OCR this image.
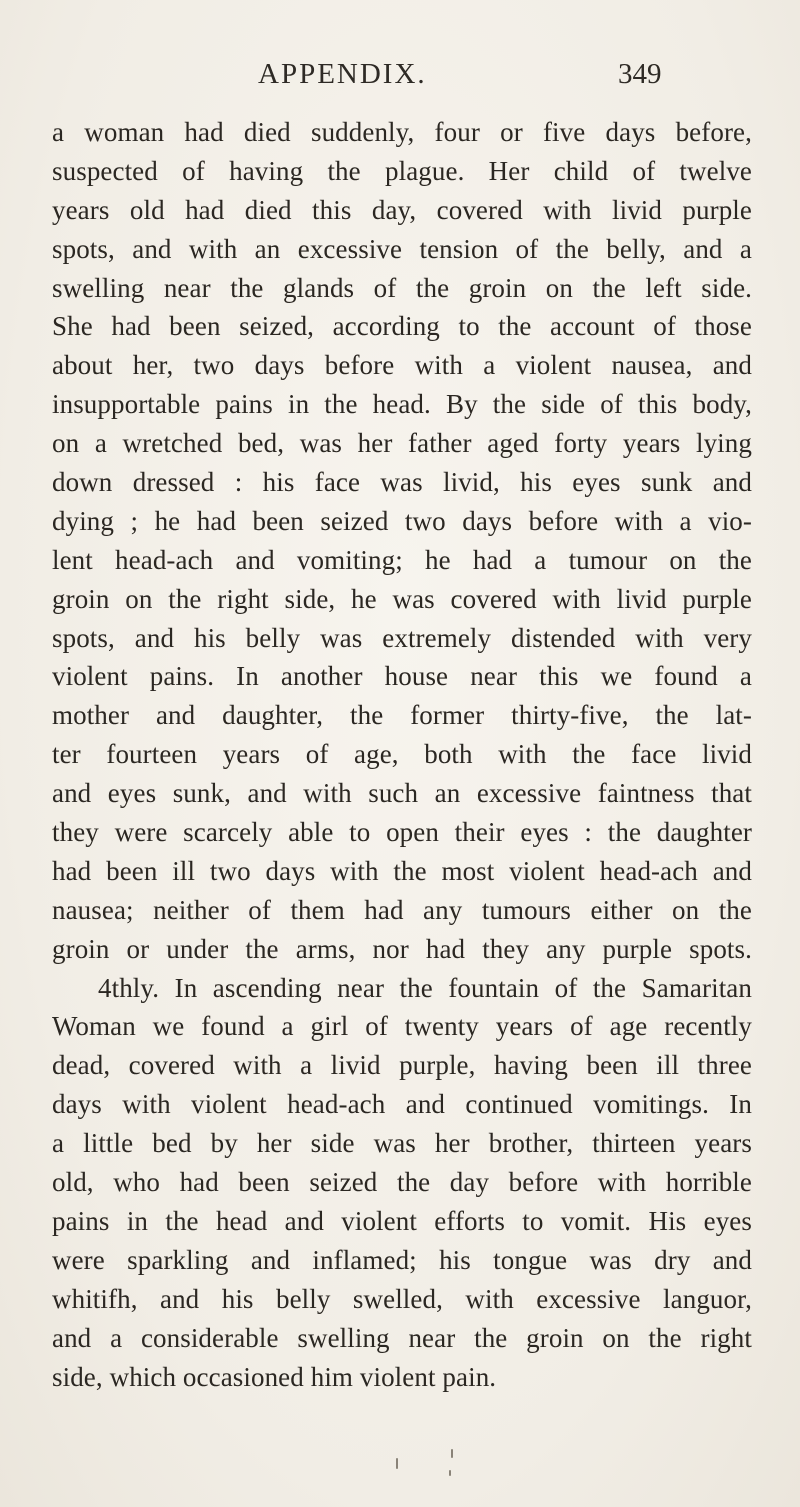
APPENDIX.	349
a woman had died suddenly, four or five days before,
suspected of having the plague. Her child of twelve
years old had died this day, covered with livid purple
spots, and with an excessive tension of the belly, and a
swelling near the glands of the groin on the left side.
She had been seized, according to the account of those
about her, two days before with a violent nausea, and
insupportable pains in the head. By the side of this body,
on a wretched bed, was her father aged forty years lying
down dressed : his face was livid, his eyes sunk and
dying ; he had been seized two days before with a vio-
lent head-ach and vomiting; he had a tumour on the
groin on the right side, he was covered with livid purple
spots, and his belly was extremely distended with very
violent pains. In another house near this we found a
mother and daughter, the former thirty-five, the lat-
ter fourteen years of age, both with the face livid
and eyes sunk, and with such an excessive faintness that
they were scarcely able to open their eyes : the daughter
had been ill two days with the most violent head-ach and
nausea; neither of them had any tumours either on the
groin or under the arms, nor had they any purple spots.
4thly. In ascending near the fountain of the Samaritan
Woman we found a girl of twenty years of age recently
dead, covered with a livid purple, having been ill three
days with violent head-ach and continued vomitings. In
a little bed by her side was her brother, thirteen years
old, who had been seized the day before with horrible
pains in the head and violent efforts to vomit. His eyes
were sparkling and inflamed; his tongue was dry and
whitifh, and his belly swelled, with excessive languor,
and a considerable swelling near the groin on the right
side, which occasioned him violent pain.
